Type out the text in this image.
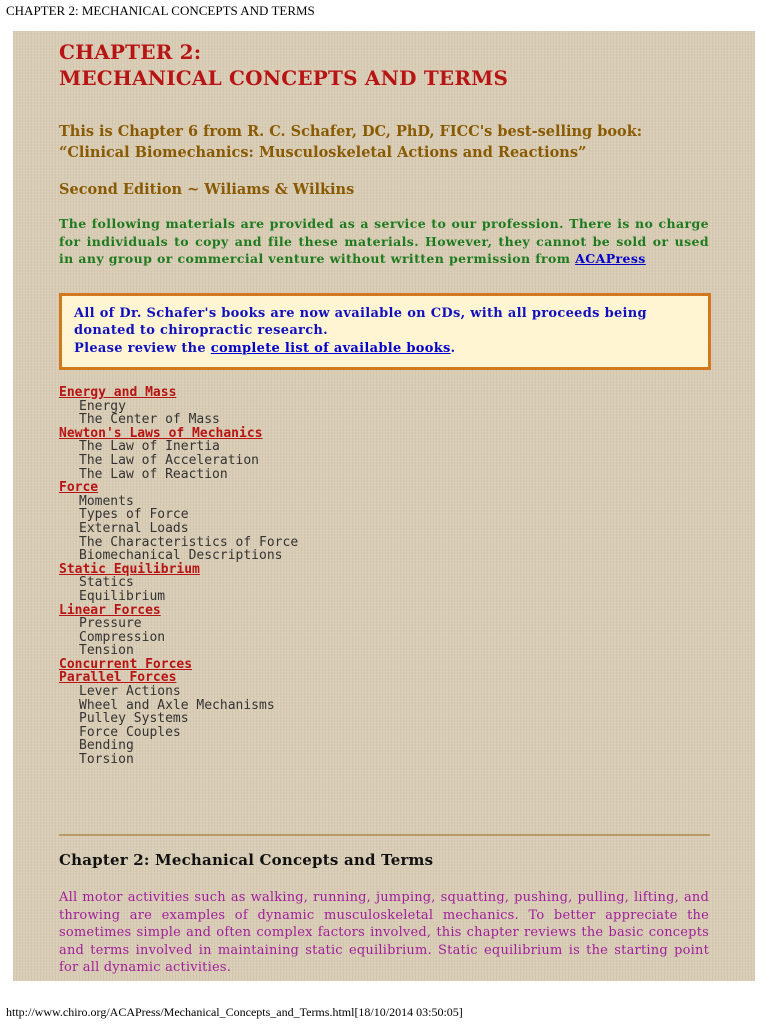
CHAPTER 2: MECHANICAL CONCEPTS AND TERMS
CHAPTER 2:
MECHANICAL CONCEPTS AND TERMS

This is Chapter 6 from R. C. Schafer, DC, PhD, FICC's best-selling book:
“Clinical Biomechanics: Musculoskeletal Actions and Reactions”

Second Edition ~ Wiliams & Wilkins

The following materials are provided as a service to our profession. There is no charge for individuals to copy and file these materials. However, they cannot be sold or used in any group or commercial venture without written permission from ACAPress

All of Dr. Schafer's books are now available on CDs, with all proceeds being donated to chiropractic research.
Please review the complete list of available books.
Energy and Mass
Energy
The Center of Mass
Newton's Laws of Mechanics
The Law of Inertia
The Law of Acceleration
The Law of Reaction
Force
Moments
Types of Force
External Loads
The Characteristics of Force
Biomechanical Descriptions
Static Equilibrium
Statics
Equilibrium
Linear Forces
Pressure
Compression
Tension
Concurrent Forces
Parallel Forces
Lever Actions
Wheel and Axle Mechanisms
Pulley Systems
Force Couples
Bending
Torsion
Chapter 2: Mechanical Concepts and Terms

All motor activities such as walking, running, jumping, squatting, pushing, pulling, lifting, and throwing are examples of dynamic musculoskeletal mechanics. To better appreciate the sometimes simple and often complex factors involved, this chapter reviews the basic concepts and terms involved in maintaining static equilibrium. Static equilibrium is the starting point for all dynamic activities.

http://www.chiro.org/ACAPress/Mechanical_Concepts_and_Terms.html[18/10/2014 03:50:05]
